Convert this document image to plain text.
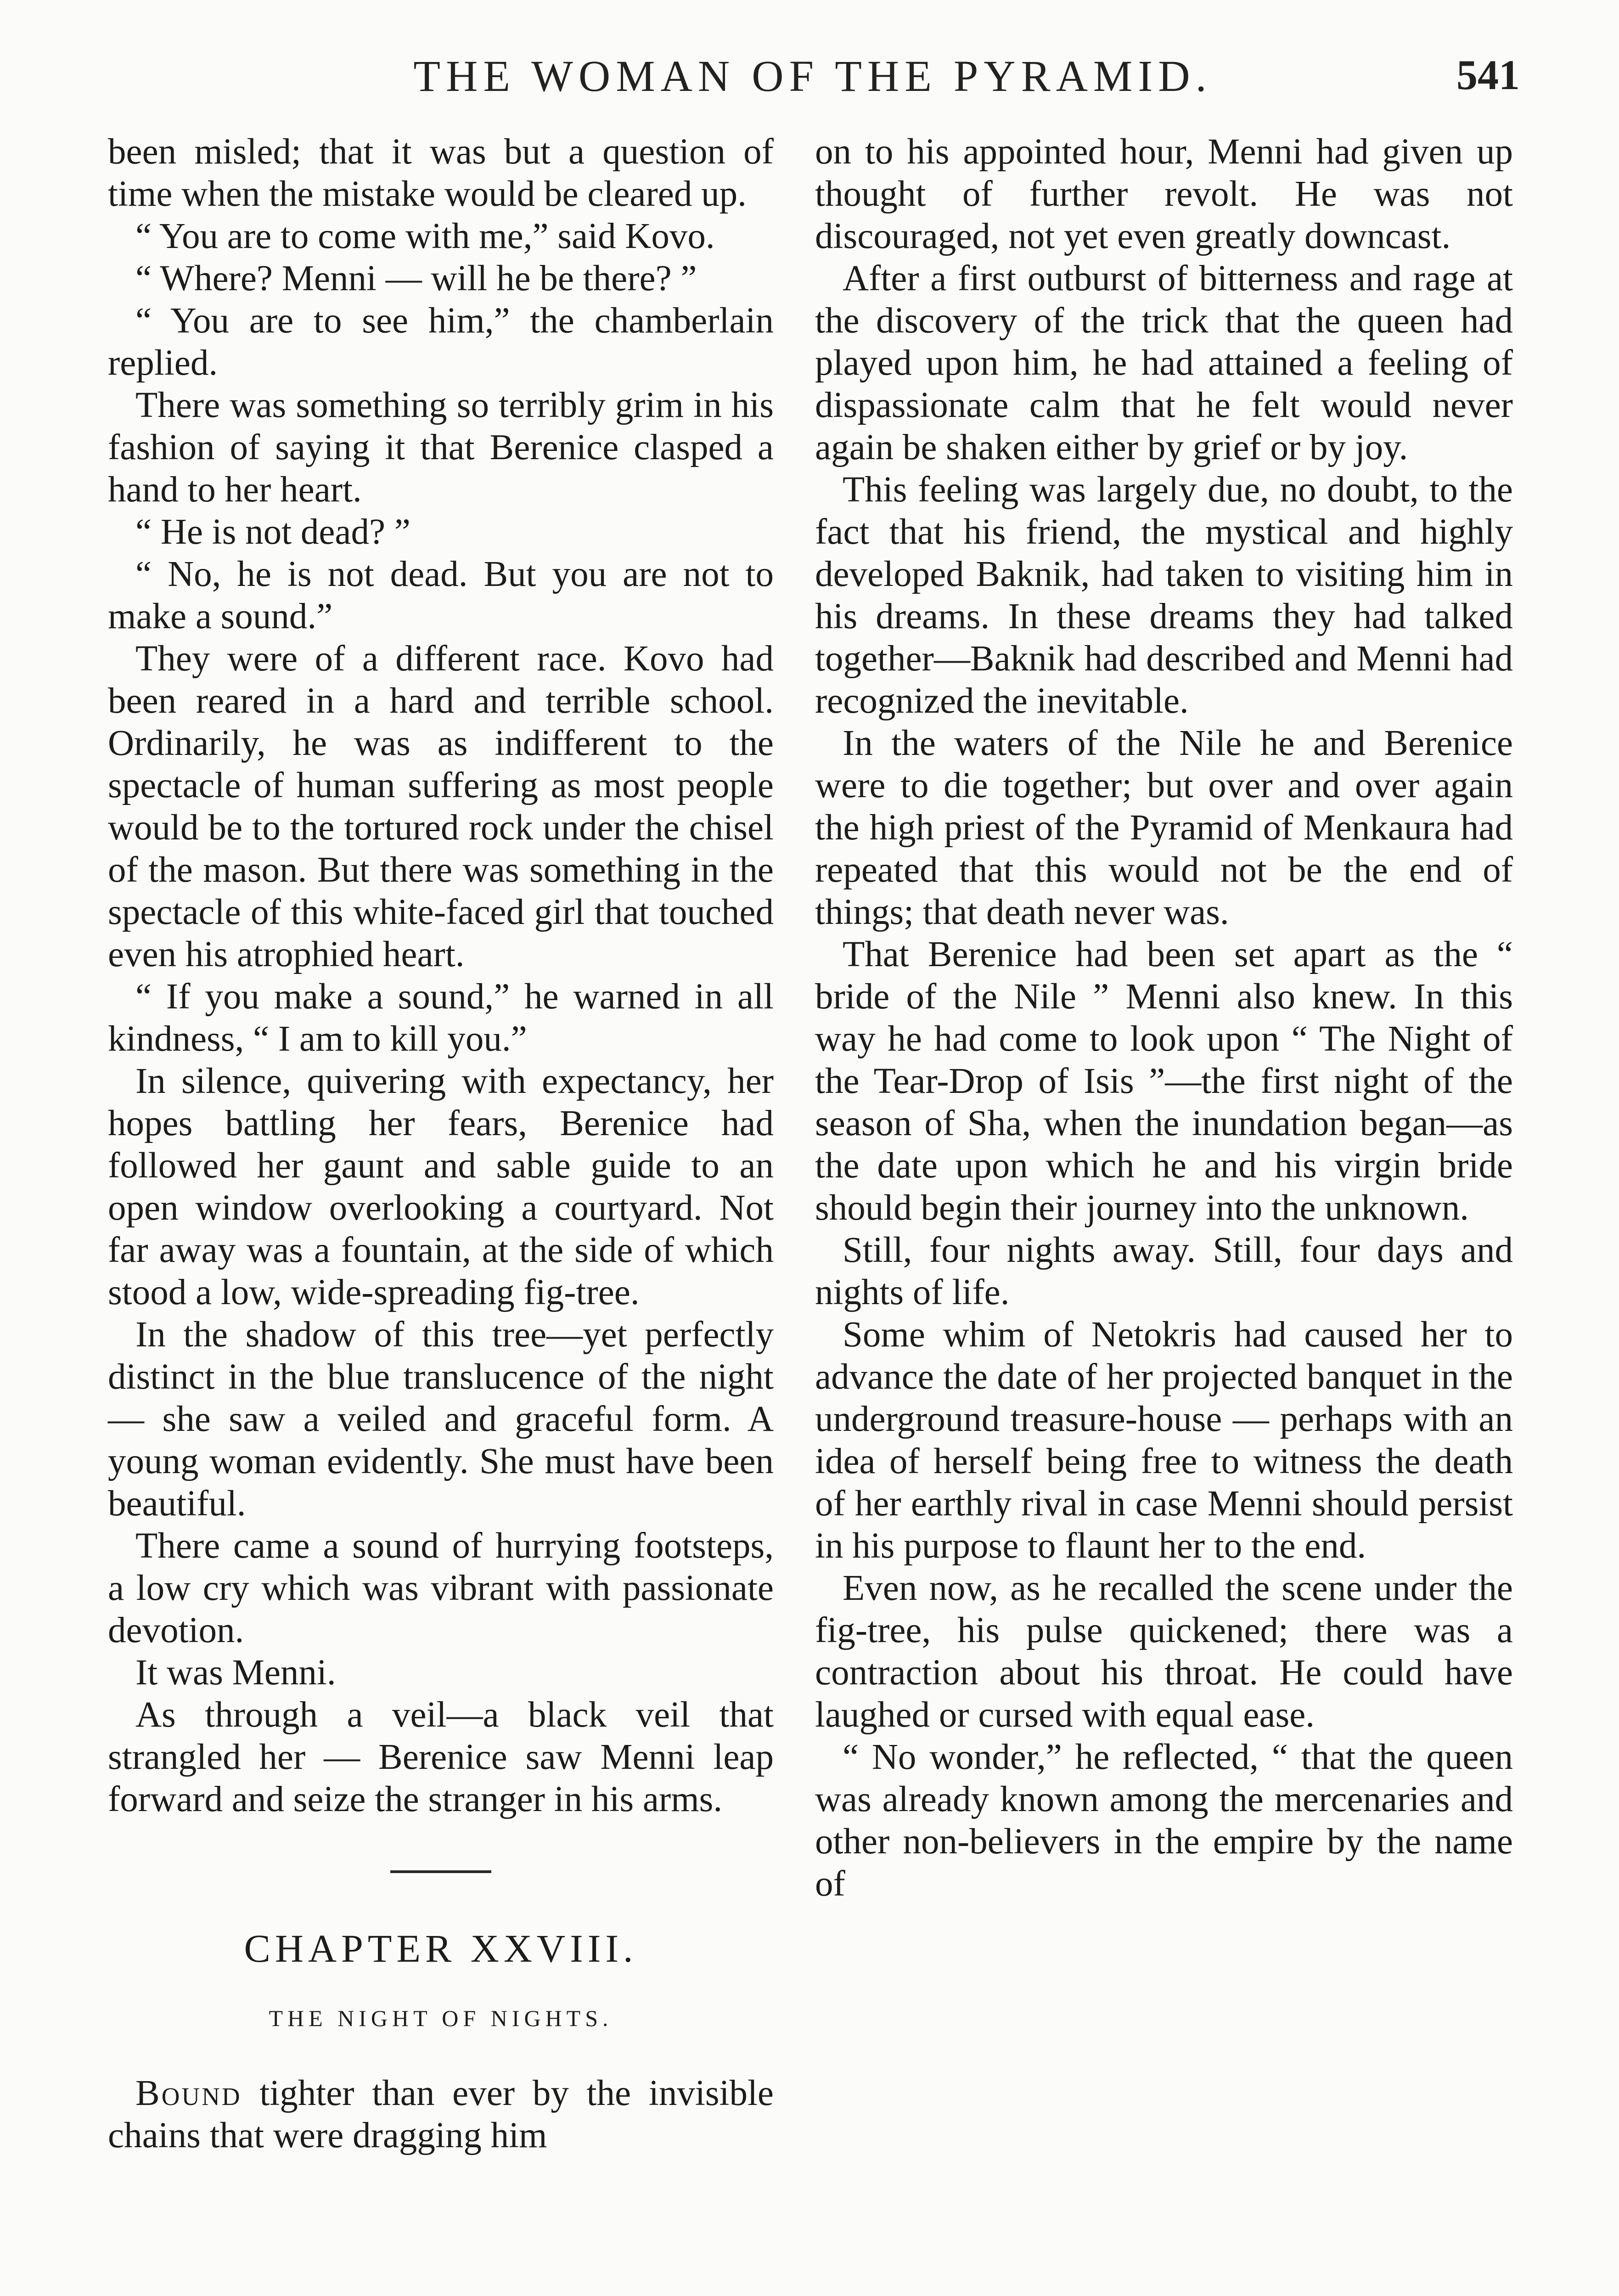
THE WOMAN OF THE PYRAMID.	541

been misled; that it was but a question of time when the mistake would be cleared up.

“ You are to come with me,” said Kovo.

“ Where? Menni — will he be there? ”

“ You are to see him,” the chamberlain replied.

There was something so terribly grim in his fashion of saying it that Berenice clasped a hand to her heart.

“ He is not dead? ”

“ No, he is not dead. But you are not to make a sound.”

They were of a different race. Kovo had been reared in a hard and terrible school. Ordinarily, he was as indifferent to the spectacle of human suffering as most people would be to the tortured rock under the chisel of the mason. But there was something in the spectacle of this white-faced girl that touched even his atrophied heart.

“ If you make a sound,” he warned in all kindness, “ I am to kill you.”

In silence, quivering with expectancy, her hopes battling her fears, Berenice had followed her gaunt and sable guide to an open window overlooking a courtyard. Not far away was a fountain, at the side of which stood a low, wide-spreading fig-tree.

In the shadow of this tree—yet perfectly distinct in the blue translucence of the night — she saw a veiled and graceful form. A young woman evidently. She must have been beautiful.

There came a sound of hurrying footsteps, a low cry which was vibrant with passionate devotion.

It was Menni.

As through a veil—a black veil that strangled her — Berenice saw Menni leap forward and seize the stranger in his arms.

CHAPTER XXVIII.
THE NIGHT OF NIGHTS.

Bound tighter than ever by the invisible chains that were dragging him

on to his appointed hour, Menni had given up thought of further revolt. He was not discouraged, not yet even greatly downcast.

After a first outburst of bitterness and rage at the discovery of the trick that the queen had played upon him, he had attained a feeling of dispassionate calm that he felt would never again be shaken either by grief or by joy.

This feeling was largely due, no doubt, to the fact that his friend, the mystical and highly developed Baknik, had taken to visiting him in his dreams. In these dreams they had talked together—Baknik had described and Menni had recognized the inevitable.

In the waters of the Nile he and Berenice were to die together; but over and over again the high priest of the Pyramid of Menkaura had repeated that this would not be the end of things; that death never was.

That Berenice had been set apart as the “ bride of the Nile ” Menni also knew. In this way he had come to look upon “ The Night of the Tear-Drop of Isis ”—the first night of the season of Sha, when the inundation began—as the date upon which he and his virgin bride should begin their journey into the unknown.

Still, four nights away. Still, four days and nights of life.

Some whim of Netokris had caused her to advance the date of her projected banquet in the underground treasure-house — perhaps with an idea of herself being free to witness the death of her earthly rival in case Menni should persist in his purpose to flaunt her to the end.

Even now, as he recalled the scene under the fig-tree, his pulse quickened; there was a contraction about his throat. He could have laughed or cursed with equal ease.

“ No wonder,” he reflected, “ that the queen was already known among the mercenaries and other non-believers in the empire by the name of
